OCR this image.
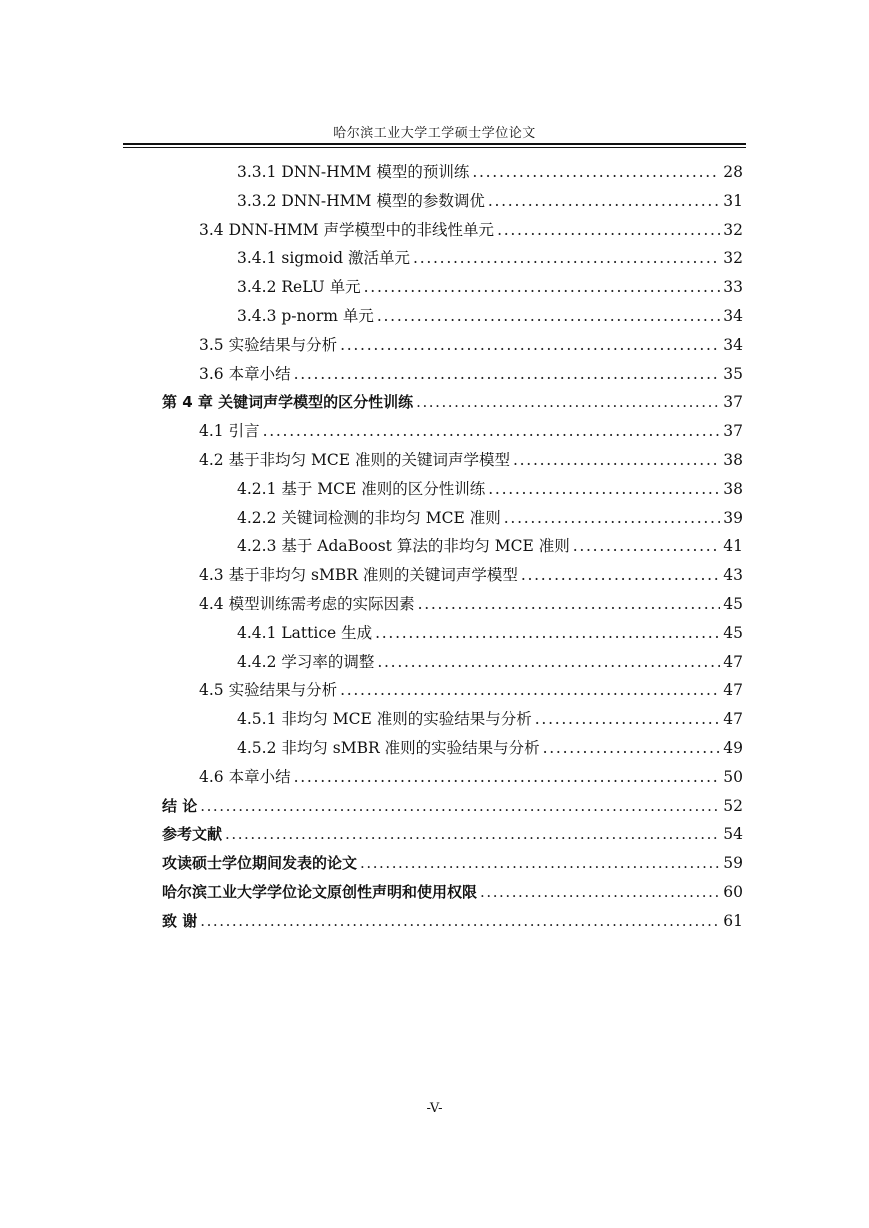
哈尔滨工业大学工学硕士学位论文
3.3.1 DNN-HMM 模型的预训练 . . .	28
3.3.2 DNN-HMM 模型的参数调优 . . .	31
3.4 DNN-HMM 声学模型中的非线性单元 . . .	32
3.4.1 sigmoid 激活单元 . . .	32
3.4.2 ReLU 单元 . . .	33
3.4.3 p-norm 单元 . . .	34
3.5 实验结果与分析 . . .	34
3.6 本章小结 . . .	35
第 4 章 关键词声学模型的区分性训练 . . .	37
4.1 引言 . . .	37
4.2 基于非均匀 MCE 准则的关键词声学模型 . . .	38
4.2.1 基于 MCE 准则的区分性训练 . . .	38
4.2.2 关键词检测的非均匀 MCE 准则 . . .	39
4.2.3 基于 AdaBoost 算法的非均匀 MCE 准则 . . .	41
4.3 基于非均匀 sMBR 准则的关键词声学模型 . . .	43
4.4 模型训练需考虑的实际因素 . . .	45
4.4.1 Lattice 生成 . . .	45
4.4.2 学习率的调整 . . .	47
4.5 实验结果与分析 . . .	47
4.5.1 非均匀 MCE 准则的实验结果与分析 . . .	47
4.5.2 非均匀 sMBR 准则的实验结果与分析 . . .	49
4.6 本章小结 . . .	50
结 论 . . .	52
参考文献 . . .	54
攻读硕士学位期间发表的论文 . . .	59
哈尔滨工业大学学位论文原创性声明和使用权限 . . .	60
致 谢 . . .	61
-V-
